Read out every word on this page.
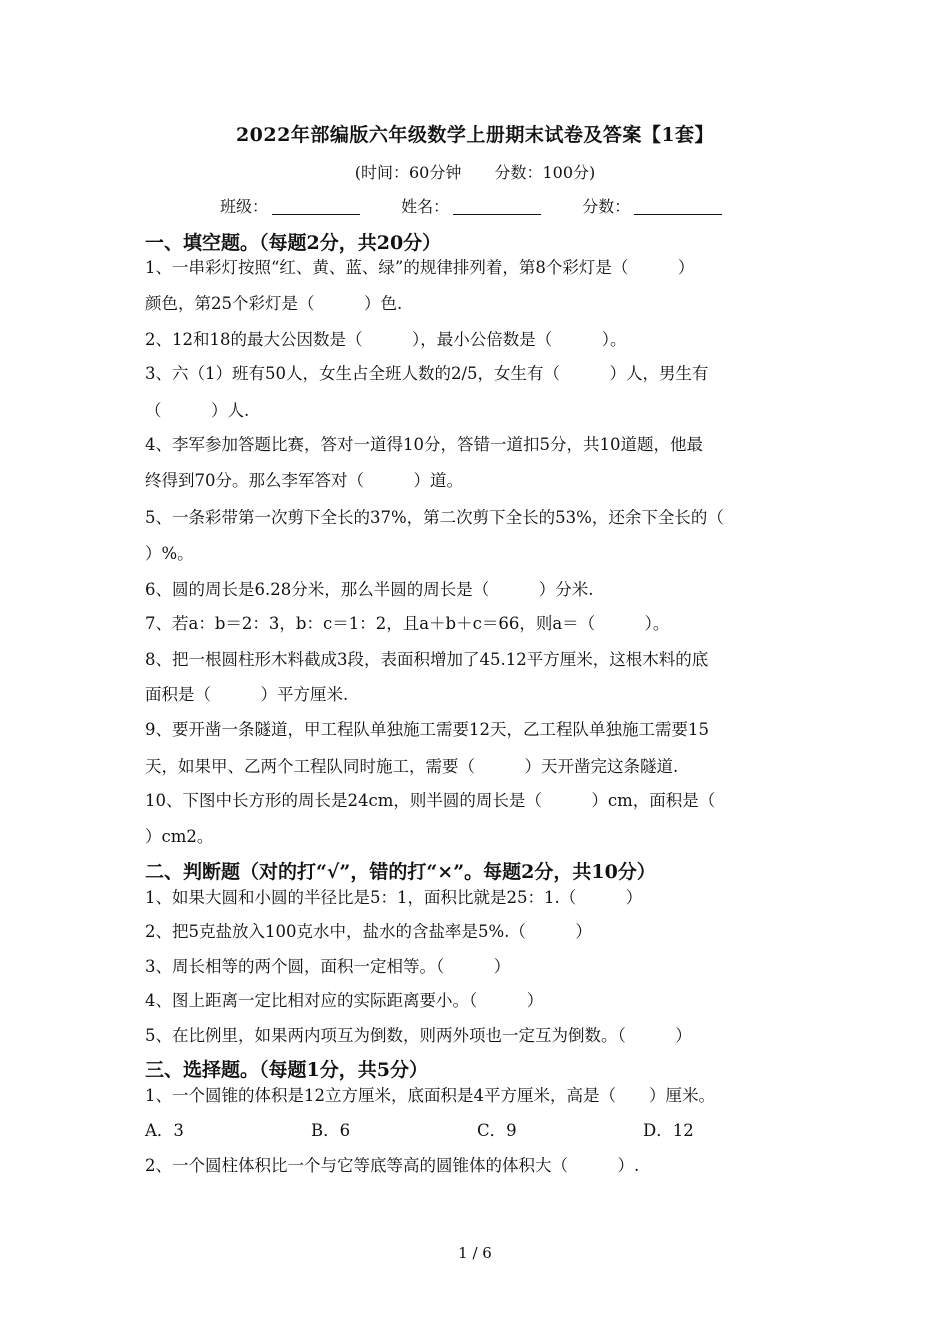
2022年部编版六年级数学上册期末试卷及答案【1套】
(时间：60分钟 分数：100分)
班级：	姓名：	分数：
一、填空题。（每题2分，共20分）
1、一串彩灯按照“红、黄、蓝、绿”的规律排列着，第8个彩灯是（　　　）
颜色，第25个彩灯是（　　　）色.
2、12和18的最大公因数是（　　　），最小公倍数是（　　　）。
3、六（1）班有50人，女生占全班人数的2/5，女生有（　　　）人，男生有
（　　　）人.
4、李军参加答题比赛，答对一道得10分，答错一道扣5分，共10道题，他最
终得到70分。那么李军答对（　　　）道。
5、一条彩带第一次剪下全长的37%，第二次剪下全长的53%，还余下全长的（
）%。
6、圆的周长是6.28分米，那么半圆的周长是（　　　）分米.
7、若a：b＝2：3，b：c＝1：2，且a＋b＋c＝66，则a＝（　　　）。
8、把一根圆柱形木料截成3段，表面积增加了45.12平方厘米，这根木料的底
面积是（　　　）平方厘米.
9、要开凿一条隧道，甲工程队单独施工需要12天，乙工程队单独施工需要15
天，如果甲、乙两个工程队同时施工，需要（　　　）天开凿完这条隧道.
10、下图中长方形的周长是24cm，则半圆的周长是（　　　）cm，面积是（
）cm2。
二、判断题（对的打“√”，错的打“×”。每题2分，共10分）
1、如果大圆和小圆的半径比是5：1，面积比就是25：1.（　　　）
2、把5克盐放入100克水中，盐水的含盐率是5%.（　　　）
3、周长相等的两个圆，面积一定相等。（　　　）
4、图上距离一定比相对应的实际距离要小。（　　　）
5、在比例里，如果两内项互为倒数，则两外项也一定互为倒数。（　　　）
三、选择题。（每题1分，共5分）
1、一个圆锥的体积是12立方厘米，底面积是4平方厘米，高是（　　）厘米。
A．3	B．6	C．9	D．12
2、一个圆柱体积比一个与它等底等高的圆锥体的体积大（　　　）.
1 / 6
